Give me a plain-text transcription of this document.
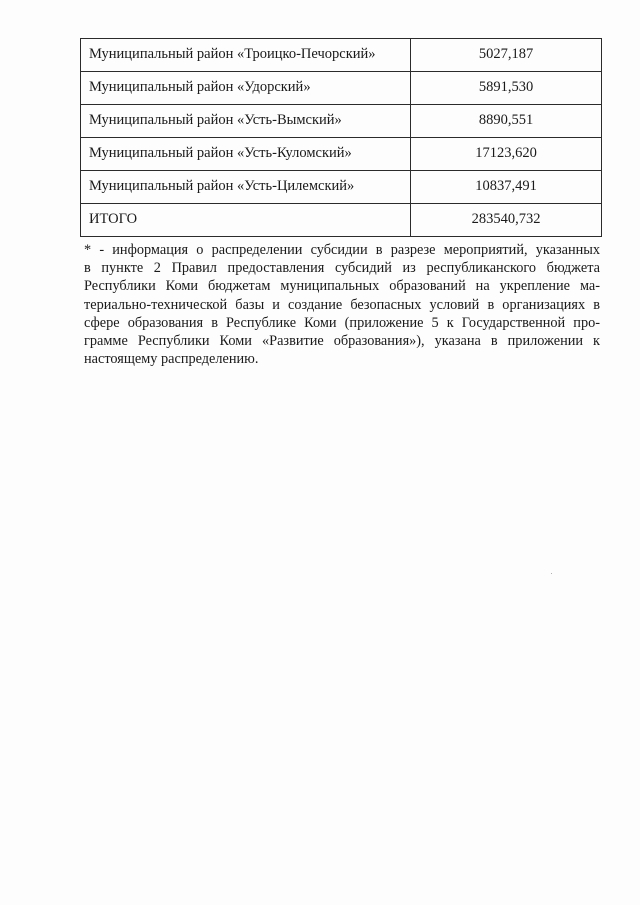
Муниципальный район «Троицко-Печорский»	5027,187
Муниципальный район «Удорский»	5891,530
Муниципальный район «Усть-Вымский»	8890,551
Муниципальный район «Усть-Куломский»	17123,620
Муниципальный район «Усть-Цилемский»	10837,491
ИТОГО	283540,732
* - информация о распределении субсидии в разрезе мероприятий, указанных
в пункте 2 Правил предоставления субсидий из республиканского бюджета
Республики Коми бюджетам муниципальных образований на укрепление ма-
териально-технической базы и создание безопасных условий в организациях в
сфере образования в Республике Коми (приложение 5 к Государственной про-
грамме Республики Коми «Развитие образования»), указана в приложении к
настоящему распределению.
